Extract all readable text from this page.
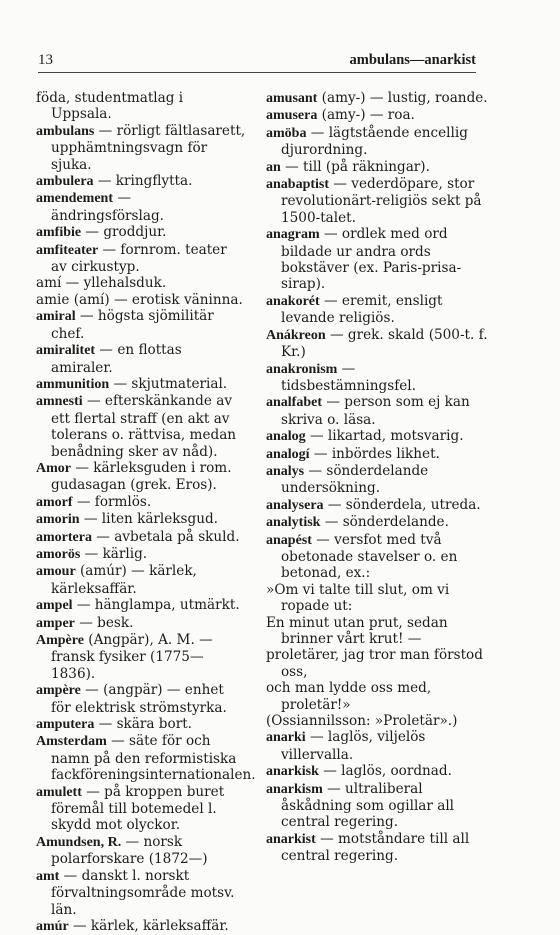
13	ambulans—anarkist
föda, studentmatlag i Uppsala.
ambulans — rörligt fältlasarett, upphämtningsvagn för sjuka.
ambulera — kringflytta.
amendement — ändringsförslag.
amfibie — groddjur.
amfiteater — fornrom. teater av cirkustyp.
amí — yllehalsduk.
amie (amí) — erotisk väninna.
amiral — högsta sjömilitär chef.
amiralitet — en flottas amiraler.
ammunition — skjutmaterial.
amnesti — efterskänkande av ett flertal straff (en akt av tolerans o. rättvisa, medan benådning sker av nåd).
Amor — kärleksguden i rom. gudasagan (grek. Eros).
amorf — formlös.
amorin — liten kärleksgud.
amortera — avbetala på skuld.
amorös — kärlig.
amour (amúr) — kärlek, kärleksaffär.
ampel — hänglampa, utmärkt.
amper — besk.
Ampère (Angpär), A. M. — fransk fysiker (1775—1836).
ampère — (angpär) — enhet för elektrisk strömstyrka.
amputera — skära bort.
Amsterdam — säte för och namn på den reformistiska fackföreningsinternationalen.
amulett — på kroppen buret föremål till botemedel l. skydd mot olyckor.
Amundsen, R. — norsk polarforskare (1872—)
amt — danskt l. norskt förvaltningsområde motsv. län.
amúr — kärlek, kärleksaffär.
amusant (amy-) — lustig, roande.
amusera (amy-) — roa.
amöba — lägtstående encellig djurordning.
an — till (på räkningar).
anabaptist — vederdöpare, stor revolutionärt-religiös sekt på 1500-talet.
anagram — ordlek med ord bildade ur andra ords bokstäver (ex. Paris-prisa-sirap).
anakorét — eremit, ensligt levande religiös.
Anákreon — grek. skald (500-t. f. Kr.)
anakronism — tidsbestämningsfel.
analfabet — person som ej kan skriva o. läsa.
analog — likartad, motsvarig.
analogí — inbördes likhet.
analys — sönderdelande undersökning.
analysera — sönderdela, utreda.
analytisk — sönderdelande.
anapést — versfot med två obetonade stavelser o. en betonad, ex.:
»Om vi talte till slut, om vi ropade ut:
En minut utan prut, sedan brinner vårt krut! —
proletärer, jag tror man förstod oss,
och man lydde oss med, proletär!»
(Ossiannilsson: »Proletär».)
anarki — laglös, viljelös villervalla.
anarkisk — laglös, oordnad.
anarkism — ultraliberal åskådning som ogillar all central regering.
anarkist — motståndare till all central regering.
